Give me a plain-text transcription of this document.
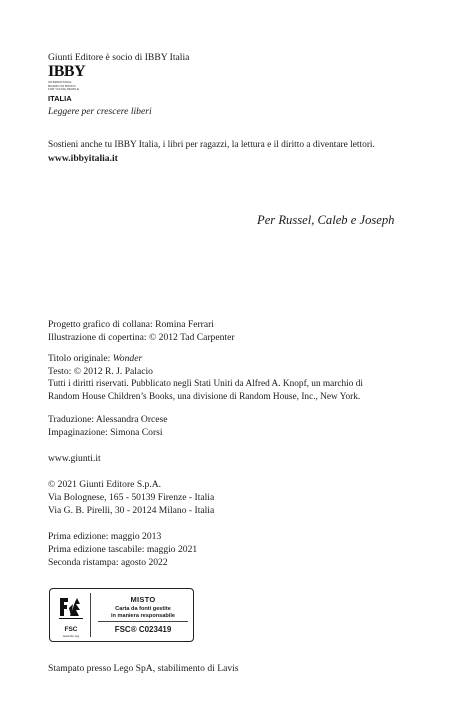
Giunti Editore è socio di IBBY Italia
IBBY
INTERNATIONAL
BOARD ON BOOKS
FOR YOUNG PEOPLE
ITALIA
Leggere per crescere liberi
Sostieni anche tu IBBY Italia, i libri per ragazzi, la lettura e il diritto a diventare lettori.
www.ibbyitalia.it
Per Russel, Caleb e Joseph
Progetto grafico di collana: Romina Ferrari
Illustrazione di copertina: © 2012 Tad Carpenter
Titolo originale: Wonder
Testo: © 2012 R. J. Palacio
Tutti i diritti riservati. Pubblicato negli Stati Uniti da Alfred A. Knopf, un marchio di
Random House Children’s Books, una divisione di Random House, Inc., New York.
Traduzione: Alessandra Orcese
Impaginazione: Simona Corsi
www.giunti.it
© 2021 Giunti Editore S.p.A.
Via Bolognese, 165 - 50139 Firenze - Italia
Via G. B. Pirelli, 30 - 20124 Milano - Italia
Prima edizione: maggio 2013
Prima edizione tascabile: maggio 2021
Seconda ristampa: agosto 2022
FSC
www.fsc.org
MISTO
Carta da fonti gestite
in maniera responsabile
FSC® C023419
Stampato presso Lego SpA, stabilimento di Lavis
